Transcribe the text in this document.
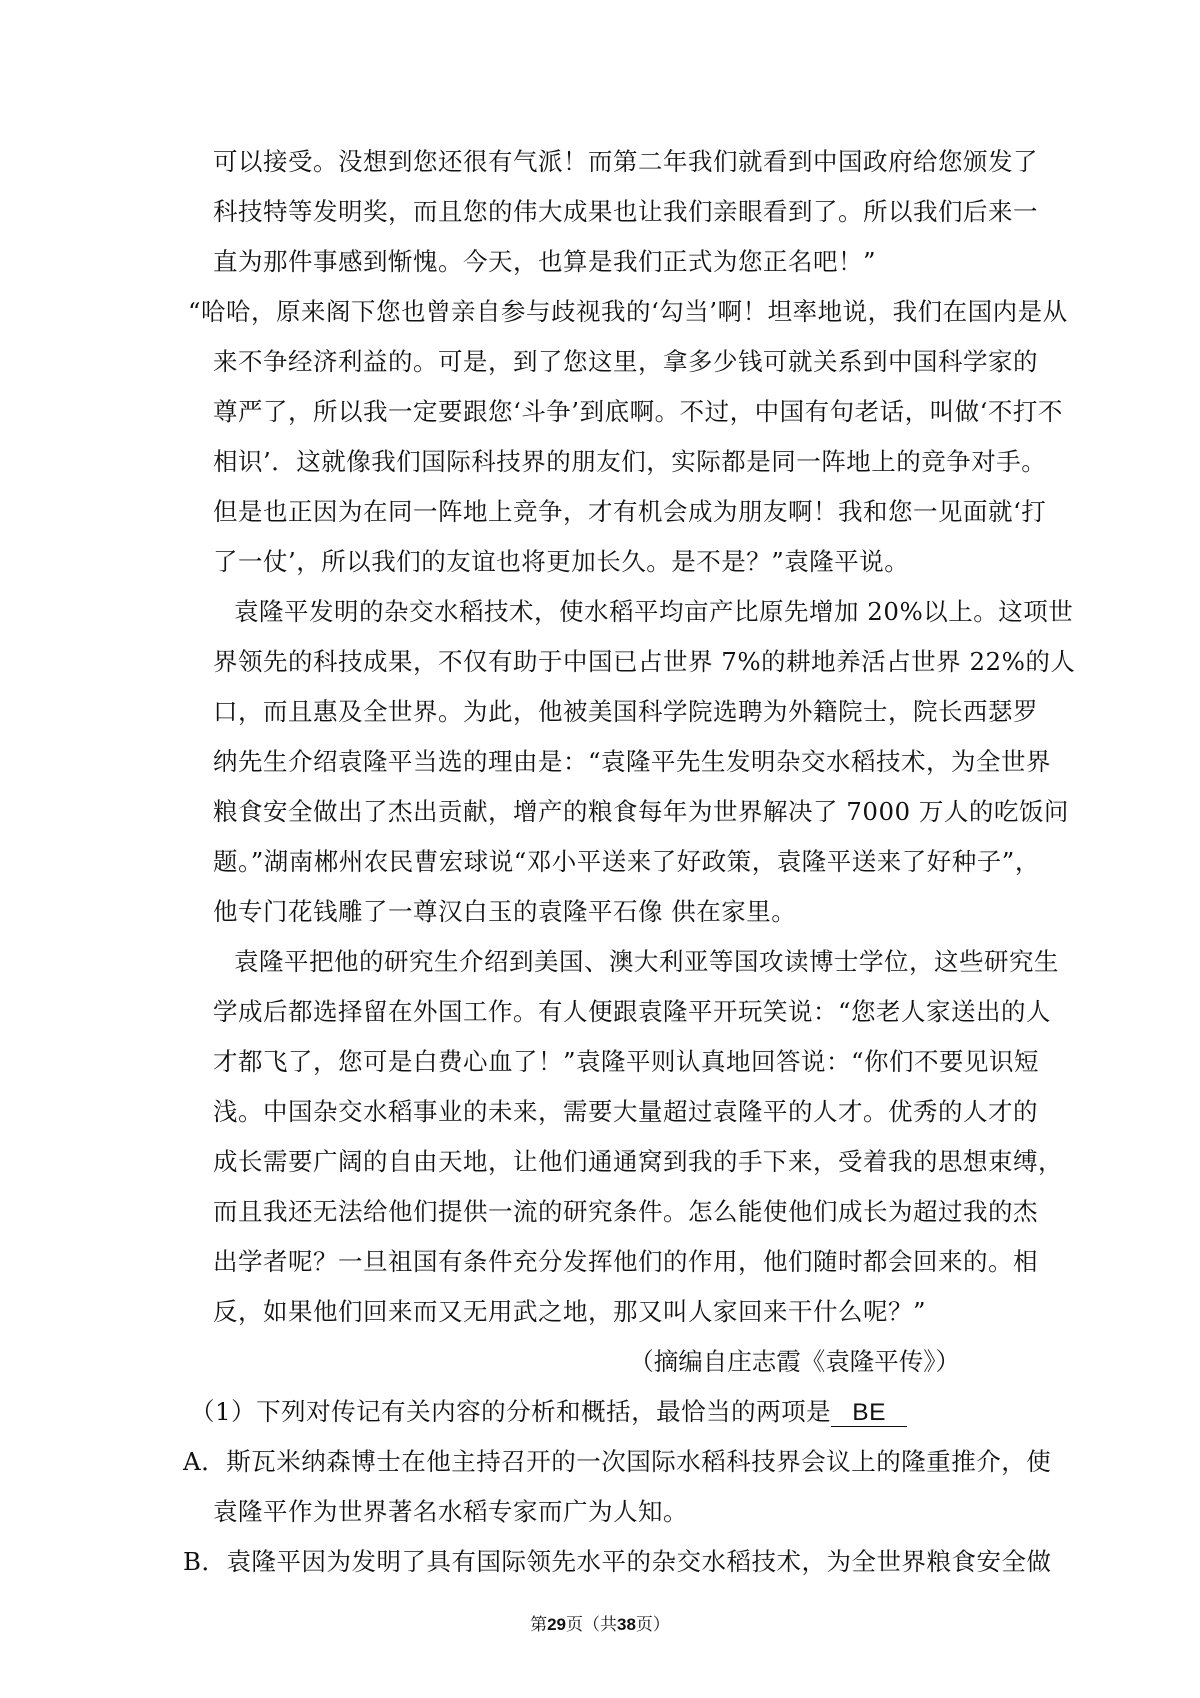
可以接受。没想到您还很有气派！而第二年我们就看到中国政府给您颁发了
科技特等发明奖，而且您的伟大成果也让我们亲眼看到了。所以我们后来一
直为那件事感到惭愧。今天，也算是我们正式为您正名吧！”
“哈哈，原来阁下您也曾亲自参与歧视我的‘勾当’啊！坦率地说，我们在国内是从
来不争经济利益的。可是，到了您这里，拿多少钱可就关系到中国科学家的
尊严了，所以我一定要跟您‘斗争’到底啊。不过，中国有句老话，叫做‘不打不
相识’．这就像我们国际科技界的朋友们，实际都是同一阵地上的竞争对手。
但是也正因为在同一阵地上竞争，才有机会成为朋友啊！我和您一见面就‘打
了一仗’，所以我们的友谊也将更加长久。是不是？”袁隆平说。
袁隆平发明的杂交水稻技术，使水稻平均亩产比原先增加 20%以上。这项世
界领先的科技成果，不仅有助于中国已占世界 7%的耕地养活占世界 22%的人
口，而且惠及全世界。为此，他被美国科学院选聘为外籍院士，院长西瑟罗
纳先生介绍袁隆平当选的理由是：“袁隆平先生发明杂交水稻技术，为全世界
粮食安全做出了杰出贡献，增产的粮食每年为世界解决了 7000 万人的吃饭问
题。”湖南郴州农民曹宏球说“邓小平送来了好政策，袁隆平送来了好种子”，
他专门花钱雕了一尊汉白玉的袁隆平石像 供在家里。
袁隆平把他的研究生介绍到美国、澳大利亚等国攻读博士学位，这些研究生
学成后都选择留在外国工作。有人便跟袁隆平开玩笑说：“您老人家送出的人
才都飞了，您可是白费心血了！”袁隆平则认真地回答说：“你们不要见识短
浅。中国杂交水稻事业的未来，需要大量超过袁隆平的人才。优秀的人才的
成长需要广阔的自由天地，让他们通通窝到我的手下来，受着我的思想束缚，
而且我还无法给他们提供一流的研究条件。怎么能使他们成长为超过我的杰
出学者呢？一旦祖国有条件充分发挥他们的作用，他们随时都会回来的。相
反，如果他们回来而又无用武之地，那又叫人家回来干什么呢？”
（摘编自庄志霞《袁隆平传》）
（1）下列对传记有关内容的分析和概括，最恰当的两项是 BE
A．斯瓦米纳森博士在他主持召开的一次国际水稻科技界会议上的隆重推介，使
袁隆平作为世界著名水稻专家而广为人知。
B．袁隆平因为发明了具有国际领先水平的杂交水稻技术，为全世界粮食安全做
第29页（共38页）
